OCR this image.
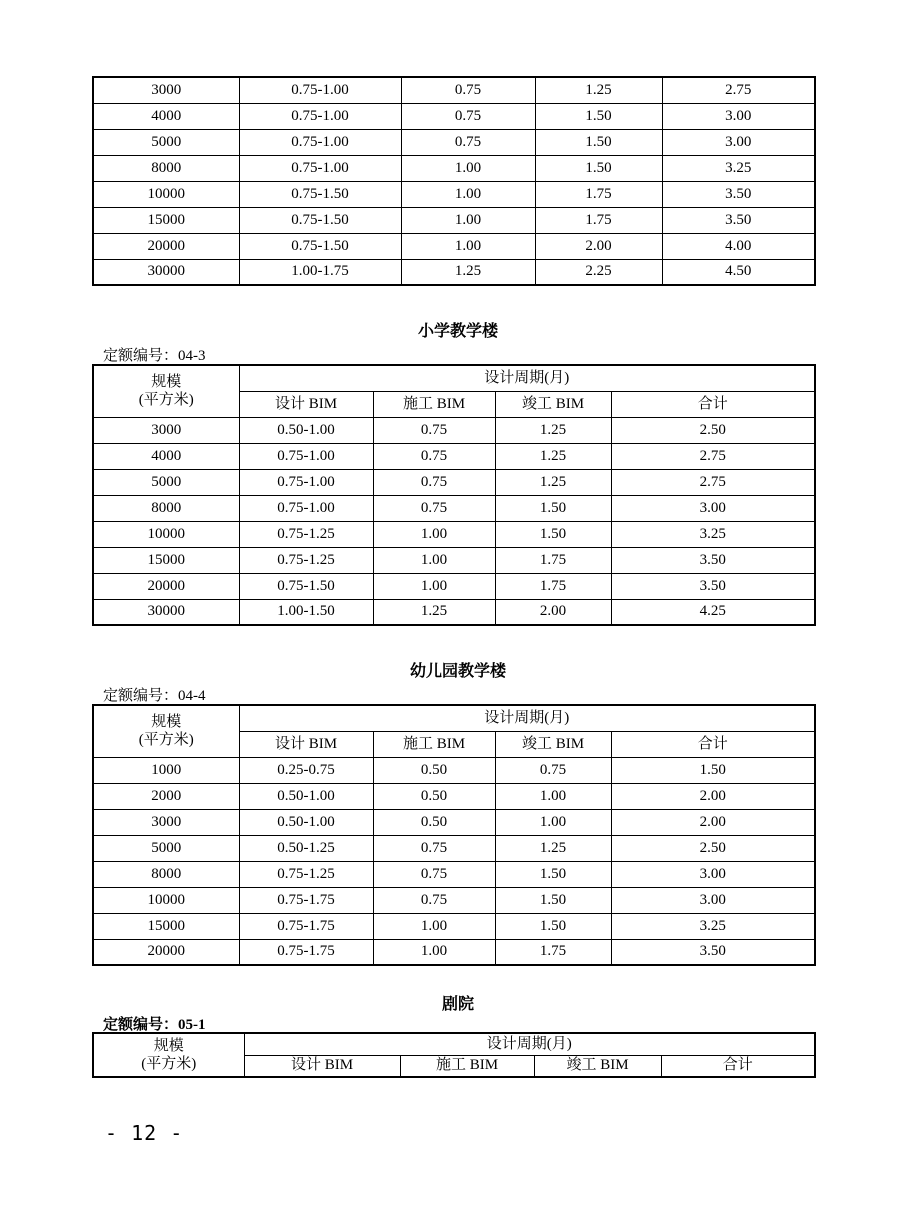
3000	0.75-1.00	0.75	1.25	2.75
4000	0.75-1.00	0.75	1.50	3.00
5000	0.75-1.00	0.75	1.50	3.00
8000	0.75-1.00	1.00	1.50	3.25
10000	0.75-1.50	1.00	1.75	3.50
15000	0.75-1.50	1.00	1.75	3.50
20000	0.75-1.50	1.00	2.00	4.00
30000	1.00-1.75	1.25	2.25	4.50
小学教学楼
定额编号：04-3
规模
(平方米)	设计周期(月)			
	设计 BIM	施工 BIM	竣工 BIM	合计
3000	0.50-1.00	0.75	1.25	2.50
4000	0.75-1.00	0.75	1.25	2.75
5000	0.75-1.00	0.75	1.25	2.75
8000	0.75-1.00	0.75	1.50	3.00
10000	0.75-1.25	1.00	1.50	3.25
15000	0.75-1.25	1.00	1.75	3.50
20000	0.75-1.50	1.00	1.75	3.50
30000	1.00-1.50	1.25	2.00	4.25
幼儿园教学楼
定额编号：04-4
规模
(平方米)	设计周期(月)			
	设计 BIM	施工 BIM	竣工 BIM	合计
1000	0.25-0.75	0.50	0.75	1.50
2000	0.50-1.00	0.50	1.00	2.00
3000	0.50-1.00	0.50	1.00	2.00
5000	0.50-1.25	0.75	1.25	2.50
8000	0.75-1.25	0.75	1.50	3.00
10000	0.75-1.75	0.75	1.50	3.00
15000	0.75-1.75	1.00	1.50	3.25
20000	0.75-1.75	1.00	1.75	3.50
剧院
定额编号：05-1
规模
(平方米)	设计周期(月)			
	设计 BIM	施工 BIM	竣工 BIM	合计
- 12 -
